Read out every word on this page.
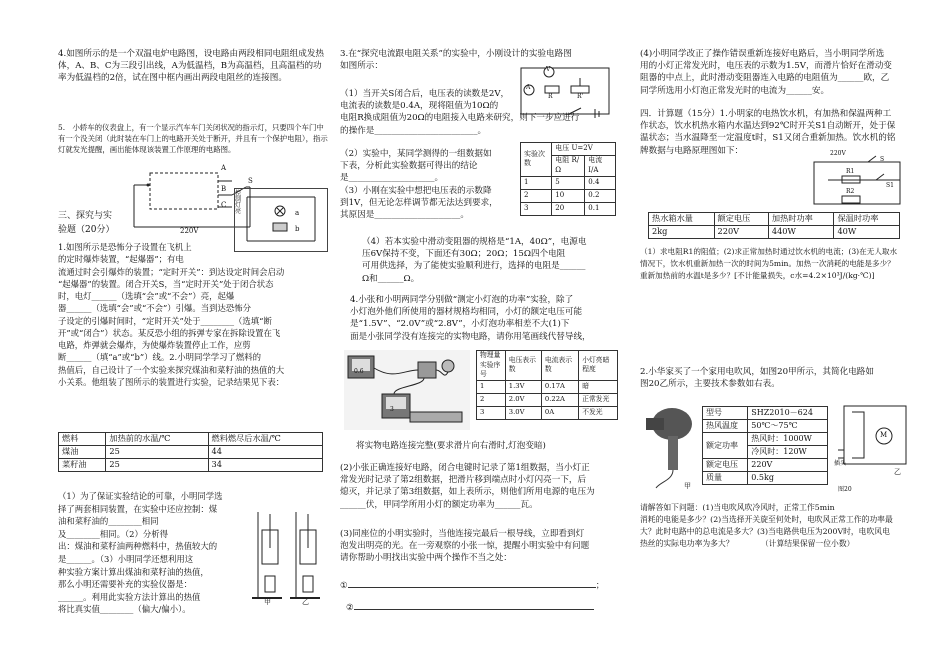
4.如图所示的是一个双温电炉电路图，设电路由两段相同电阻组成发热体，A、B、C为三段引出线，A为低温档，B为高温档，且高温档的功率为低温档的2倍，试在图中框内画出两段电阻丝的连接图。

5.　小轿车的仪表盘上，有一个显示汽车车门关闭状况的指示灯，只要四个车门中有一个没关闭（此时装在车门上的电路开关处于断开，并且有一个保护电阻），指示灯就发光提醒，画出能体现该装置工作原理的电路图。

A
B
C
S
220V
控制灯亮	a
b

三、探究与实

验题（20分）

1.如图所示是恐怖分子设置在飞机上

的定时爆炸装置，“起爆器”；有电

流通过时会引爆炸的装置；“定时开关”：到达设定时间会启动

“起爆器”的装置。闭合开关S，当“定时开关”处于闭合状态

时，电灯______（选填“会”或“不会”）亮，起爆

器______（选填“会”或“不会”）引爆。当到达恐怖分

子设定的引爆时间时，“定时开关”处于________（选填“断

开”或“闭合”）状态。某反恐小组的拆弹专家在拆除设置在飞

电路，炸弹就会爆炸，为使爆炸装置停止工作，应剪

断______（填“a”或“b”）线。2.小明同学学习了燃料的

热值后，自己设计了一个实验来探究煤油和菜籽油的热值的大

小关系。他组装了图所示的装置进行实验，记录结果见下表：

燃料	加热前的水温/℃	燃料燃尽后水温/℃
煤油	25	44
菜籽油	25	34

（1）为了保证实验结论的可靠，小明同学选

择了两套相同装置，在实验中还应控制：煤

油和菜籽油的________相同

及________相同。（2）分析得

出：煤油和菜籽油两种燃料中，热值较大的

是______。（3）小明同学还想利用这

种实验方案计算出煤油和菜籽油的热值，

那么小明还需要补充的实验仪器是：

______。利用此实验方法计算出的热值

将比真实值________（偏大/偏小）。

甲	乙

3.在“探究电流跟电阻关系”的实验中，小刚设计的实验电路图

如图所示：	V
A
R	R'

（1）当开关S闭合后，电压表的读数是2V，

电流表的读数是0.4A，现将阻值为10Ω的

电阻R换成阻值为20Ω的电阻接入电路来研究，则下一步应进行

的操作是________________________。

（2）实验中，某同学测得的一组数据如

下表，分析此实验数据可得出的结论

是____________________。

（3）小刚在实验中想把电压表的示数降

到1V，但无论怎样调节都无法达到要求，

其原因是____________________。

实验次数	电压 U=2V	
	电阻 R/Ω	电流 I/A
1	5	0.4
2	10	0.2
3	20	0.1

（4）若本实验中滑动变阻器的规格是“1A，40Ω”，电源电

压6V保持不变，下面还有30Ω；20Ω；15Ω四个电阻

可用供选择，为了能使实验顺利进行，选择的电阻是______

Ω和______Ω。

4.小张和小明两同学分别做“测定小灯泡的功率”实验，除了

小灯泡外他们所使用的器材规格均相同，小灯的额定电压可能

是“1.5V”、“2.0V”或“2.8V”，小灯泡功率相差不大(1)下

面是小张同学没有连接完的实物电路，请你用笔画线代替导线，

0.6
3
物理量
实验序号	电压表示数	电流表示数	小灯亮暗程度
1	1.3V	0.17A	暗
2	2.0V	0.22A	正常发光
3	3.0V	0A	不发光

将实物电路连接完整(要求滑片向右滑时,灯泡变暗)

(2)小张正确连接好电路，闭合电键时记录了第1组数据，当小灯正

常发光时记录了第2组数据，把滑片移到端点时小灯闪亮一下，后

熄灭，并记录了第3组数据，如上表所示，则他们所用电源的电压为

______伏，甲同学所用小灯的额定功率为______瓦。

(3)同座位的小明实验时，当他连接完最后一根导线，立即看到灯

泡发出明亮的光。在一旁观察的小张一惊，提醒小明实验中有问题

请你帮助小明找出实验中两个操作不当之处：

①	；

②

(4)小明同学改正了操作错误重新连接好电路后，当小明同学所选

用的小灯正常发光时，电压表的示数为1.5V，而滑片恰好在滑动变

阻器的中点上，此时滑动变阻器连入电路的电阻值为______欧，乙

同学所选用小灯泡正常发光时的电流为______安。

四．计算题（15分）1.小明家的电热饮水机，有加热和保温两种工

作状态，饮水机热水箱内水温达到92℃时开关S1自动断开，处于保

温状态；当水温降至一定温度t时，S1又闭合重新加热。饮水机的铭

牌数据与电路原理图如下：	220V
R1
R2
S
S1
热水箱水量	额定电压	加热时功率	保温时功率
2kg	220V	440W	40W

（1）求电阻R1的阻值；(2)求正常加热时通过饮水机的电流；(3)在无人取水

情况下，饮水机重新加热一次的时间为5min。加热一次消耗的电能是多少？

重新加热前的水温t是多少？[不计能量损失，c水=4.2×10³J/(kg·℃)]

2.小华家买了一个家用电吹风，如图20甲所示，其简化电路如

图20乙所示，主要技术参数如右表。

甲
型号	SHZ2010－624
热风温度	50℃～75℃
额定功率	热风时：1000W
	冷风时：120W
额定电压	220V
质量	0.5kg
M
插头
乙
图20

请解答如下问题：(1)当电吹风吹冷风时，正常工作5min

消耗的电能是多少？(2)当选择开关旋至何处时，电吹风正常工作的功率最

大？此时电路中的总电流是多大？(3)当电路供电压为200V时，电吹风电

热丝的实际电功率为多大？　　　　（计算结果保留一位小数）
